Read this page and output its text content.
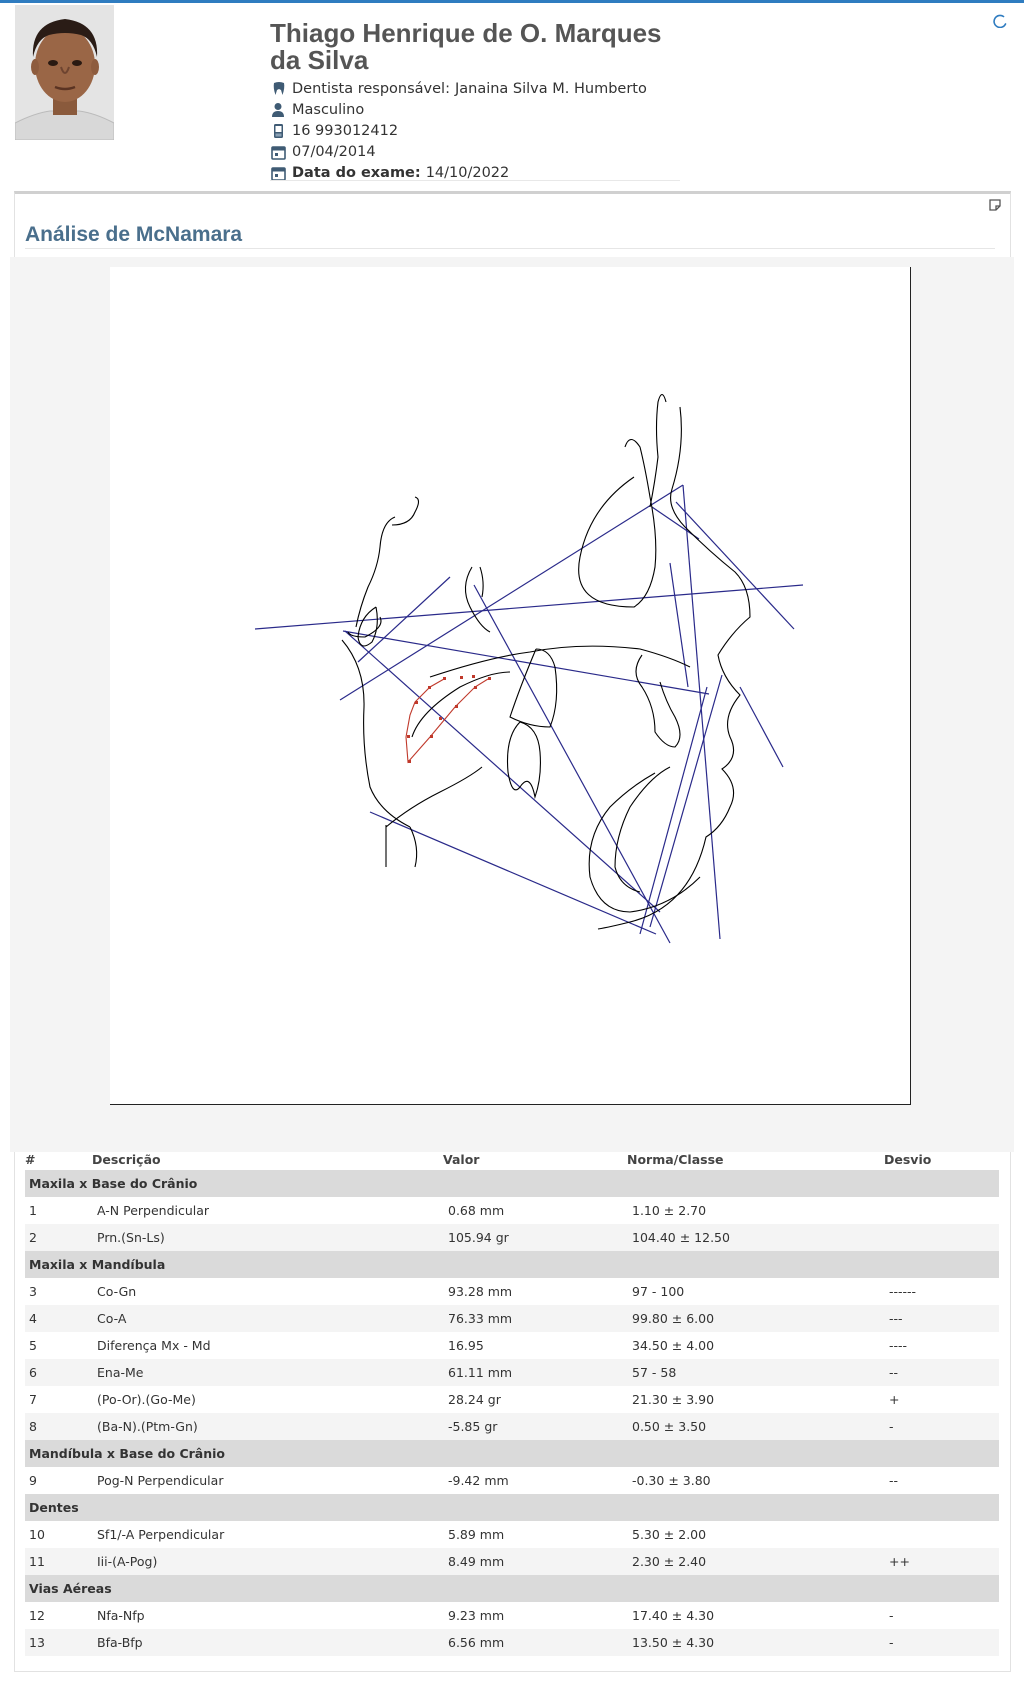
Thiago Henrique de O. Marques da Silva
Dentista responsável: Janaina Silva M. Humberto
Masculino
16 993012412
07/04/2014
Data do exame: 14/10/2022
Análise de McNamara
#	Descrição	Valor	Norma/Classe	Desvio
Maxila x Base do Crânio
1	A-N Perpendicular	0.68 mm	1.10 ± 2.70
2	Prn.(Sn-Ls)	105.94 gr	104.40 ± 12.50
Maxila x Mandíbula
3	Co-Gn	93.28 mm	97 - 100	------
4	Co-A	76.33 mm	99.80 ± 6.00	---
5	Diferença Mx - Md	16.95	34.50 ± 4.00	----
6	Ena-Me	61.11 mm	57 - 58	--
7	(Po-Or).(Go-Me)	28.24 gr	21.30 ± 3.90	+
8	(Ba-N).(Ptm-Gn)	-5.85 gr	0.50 ± 3.50	-
Mandíbula x Base do Crânio
9	Pog-N Perpendicular	-9.42 mm	-0.30 ± 3.80	--
Dentes
10	Sf1/-A Perpendicular	5.89 mm	5.30 ± 2.00
11	Iii-(A-Pog)	8.49 mm	2.30 ± 2.40	++
Vias Aéreas
12	Nfa-Nfp	9.23 mm	17.40 ± 4.30	-
13	Bfa-Bfp	6.56 mm	13.50 ± 4.30	-
